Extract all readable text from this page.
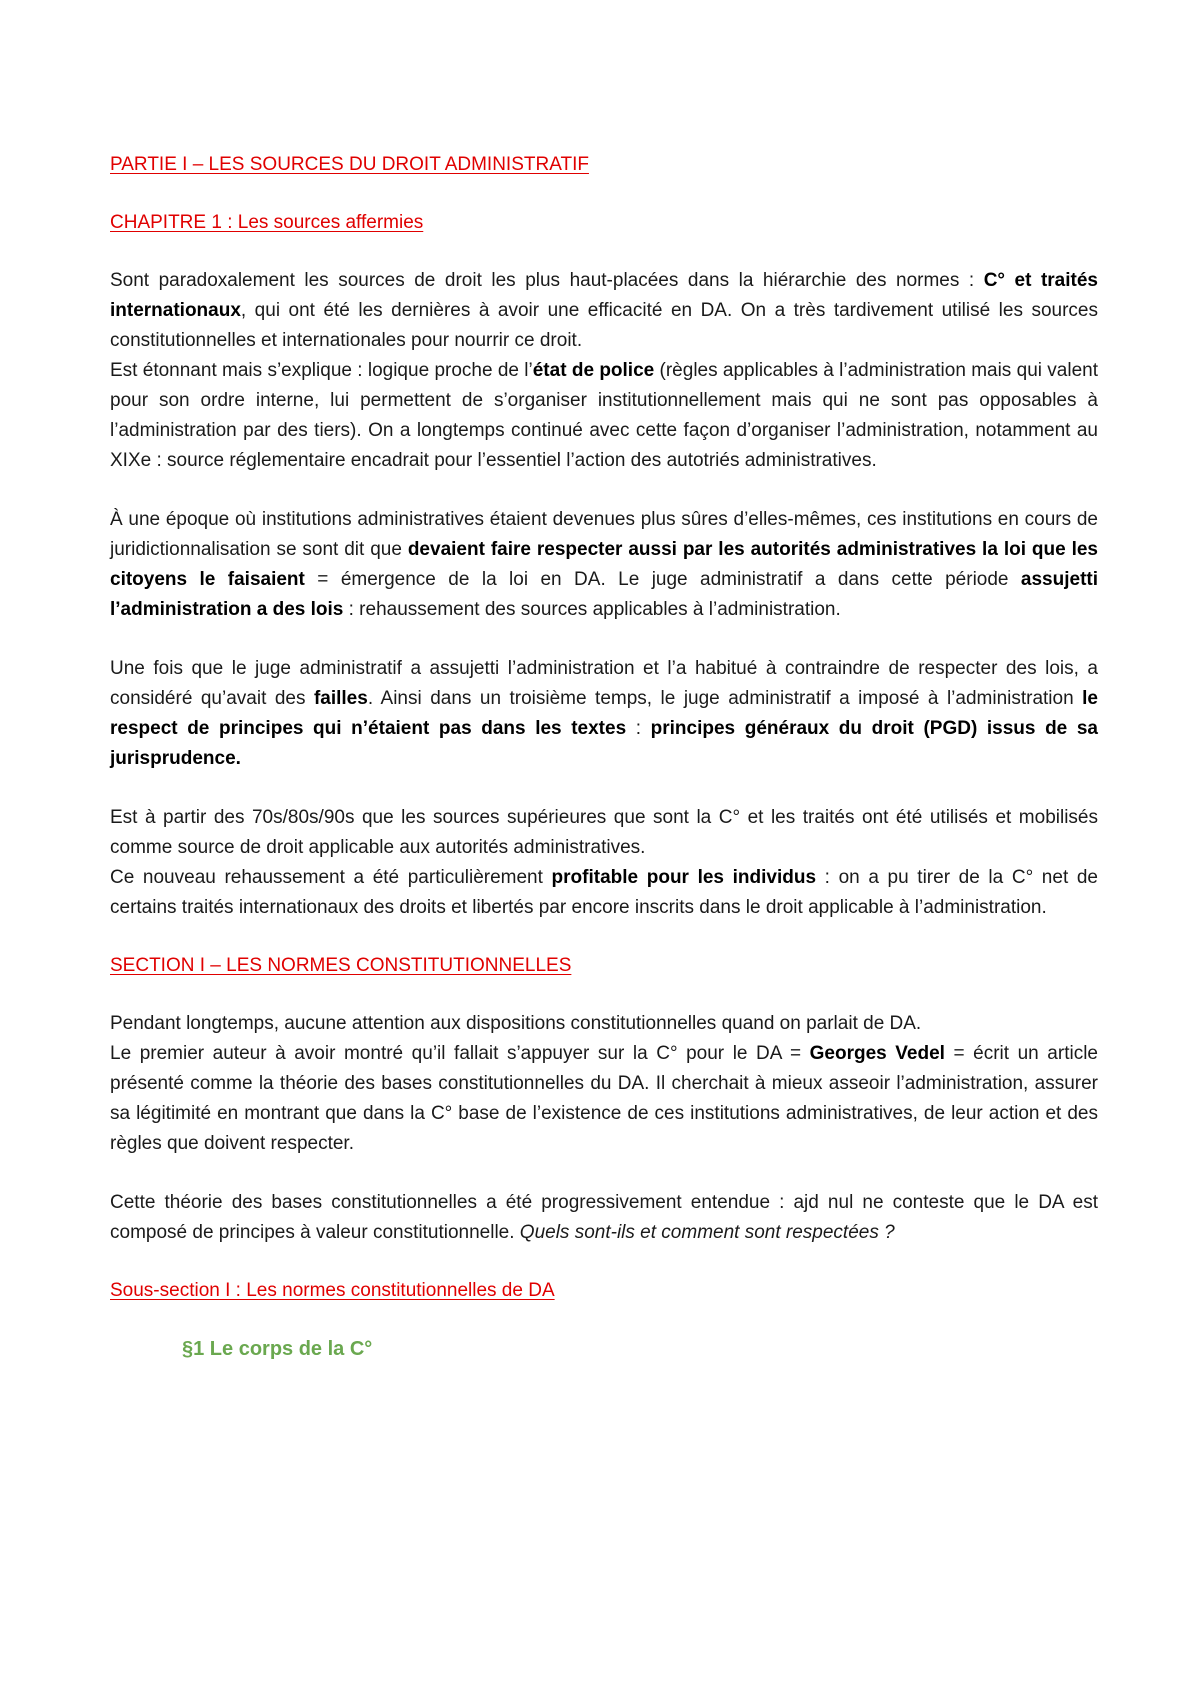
PARTIE I – LES SOURCES DU DROIT ADMINISTRATIF

CHAPITRE 1 : Les sources affermies

Sont paradoxalement les sources de droit les plus haut-placées dans la hiérarchie des normes : C° et traités internationaux, qui ont été les dernières à avoir une efficacité en DA. On a très tardivement utilisé les sources constitutionnelles et internationales pour nourrir ce droit.

Est étonnant mais s’explique : logique proche de l’état de police (règles applicables à l’administration mais qui valent pour son ordre interne, lui permettent de s’organiser institutionnellement mais qui ne sont pas opposables à l’administration par des tiers). On a longtemps continué avec cette façon d’organiser l’administration, notamment au XIXe : source réglementaire encadrait pour l’essentiel l’action des autotriés administratives.

À une époque où institutions administratives étaient devenues plus sûres d’elles-mêmes, ces institutions en cours de juridictionnalisation se sont dit que devaient faire respecter aussi par les autorités administratives la loi que les citoyens le faisaient = émergence de la loi en DA. Le juge administratif a dans cette période assujetti l’administration a des lois : rehaussement des sources applicables à l’administration.

Une fois que le juge administratif a assujetti l’administration et l’a habitué à contraindre de respecter des lois, a considéré qu’avait des failles. Ainsi dans un troisième temps, le juge administratif a imposé à l’administration le respect de principes qui n’étaient pas dans les textes : principes généraux du droit (PGD) issus de sa jurisprudence.

Est à partir des 70s/80s/90s que les sources supérieures que sont la C° et les traités ont été utilisés et mobilisés comme source de droit applicable aux autorités administratives.

Ce nouveau rehaussement a été particulièrement profitable pour les individus : on a pu tirer de la C° net de certains traités internationaux des droits et libertés par encore inscrits dans le droit applicable à l’administration.

SECTION I – LES NORMES CONSTITUTIONNELLES

Pendant longtemps, aucune attention aux dispositions constitutionnelles quand on parlait de DA.

Le premier auteur à avoir montré qu’il fallait s’appuyer sur la C° pour le DA = Georges Vedel = écrit un article présenté comme la théorie des bases constitutionnelles du DA. Il cherchait à mieux asseoir l’administration, assurer sa légitimité en montrant que dans la C° base de l’existence de ces institutions administratives, de leur action et des règles que doivent respecter.

Cette théorie des bases constitutionnelles a été progressivement entendue : ajd nul ne conteste que le DA est composé de principes à valeur constitutionnelle. Quels sont-ils et comment sont respectées ?

Sous-section I : Les normes constitutionnelles de DA

§1 Le corps de la C°
